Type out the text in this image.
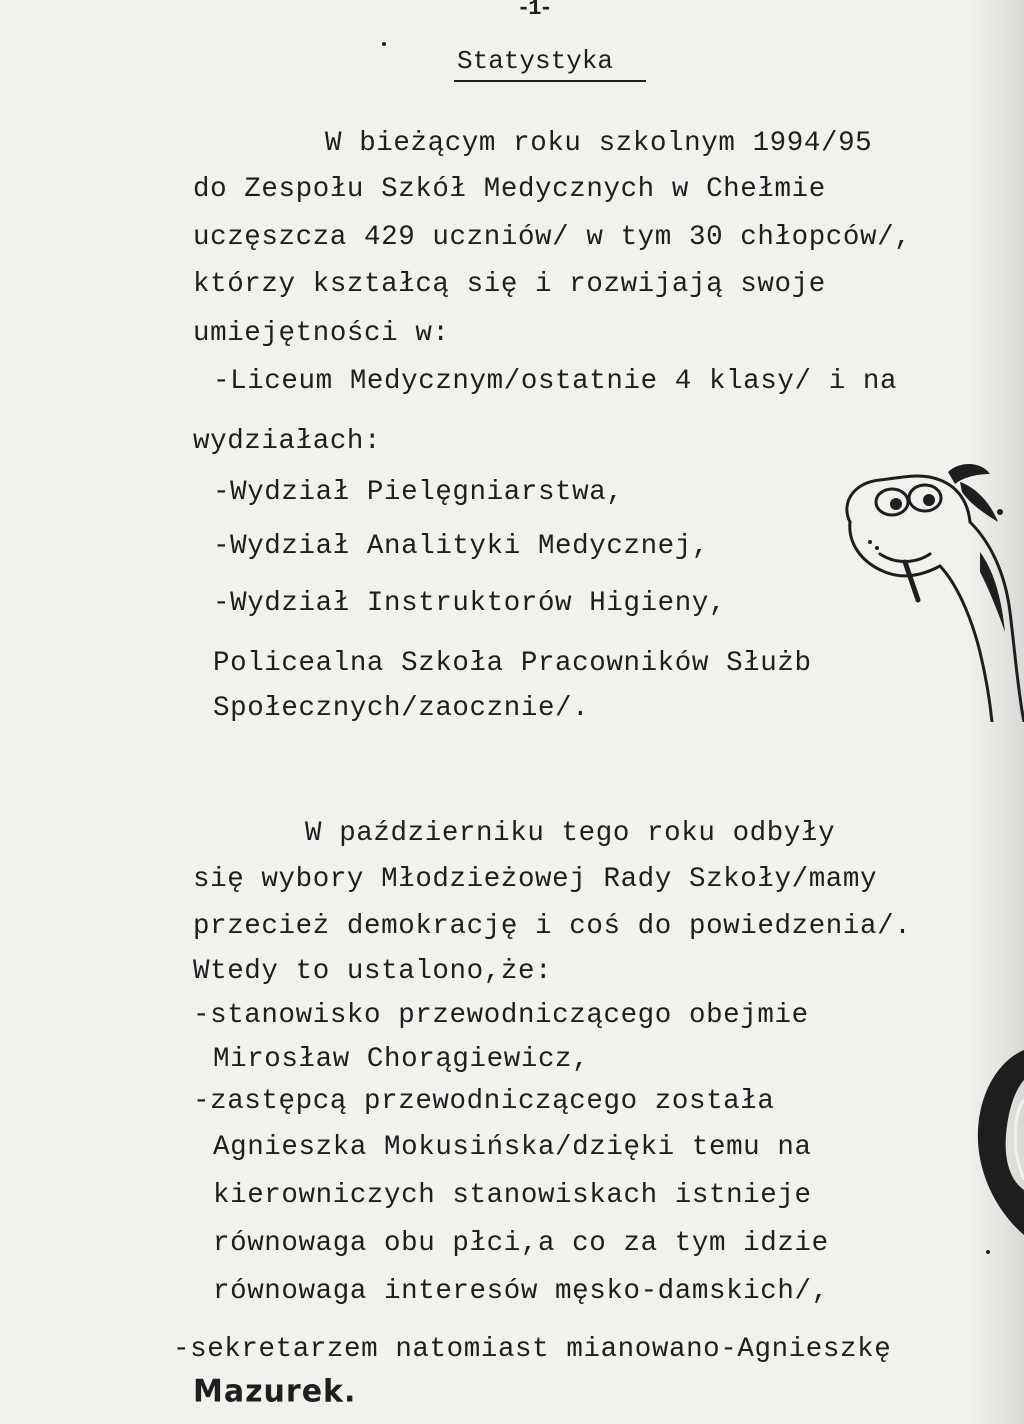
-1-
Statystyka
W bieżącym roku szkolnym 1994/95
do Zespołu Szkół Medycznych w Chełmie
uczęszcza 429 uczniów/ w tym 30 chłopców/,
którzy kształcą się i rozwijają swoje
umiejętności w:
-Liceum Medycznym/ostatnie 4 klasy/ i na
wydziałach:
-Wydział Pielęgniarstwa,
-Wydział Analityki Medycznej,
-Wydział Instruktorów Higieny,
Policealna Szkoła Pracowników Służb
Społecznych/zaocznie/.
W październiku tego roku odbyły
się wybory Młodzieżowej Rady Szkoły/mamy
przecież demokrację i coś do powiedzenia/.
Wtedy to ustalono,że:
-stanowisko przewodniczącego obejmie
Mirosław Chorągiewicz,
-zastępcą przewodniczącego została
Agnieszka Mokusińska/dzięki temu na
kierowniczych stanowiskach istnieje
równowaga obu płci,a co za tym idzie
równowaga interesów męsko-damskich/,
-sekretarzem natomiast mianowano-Agnieszkę
Mazurek.
